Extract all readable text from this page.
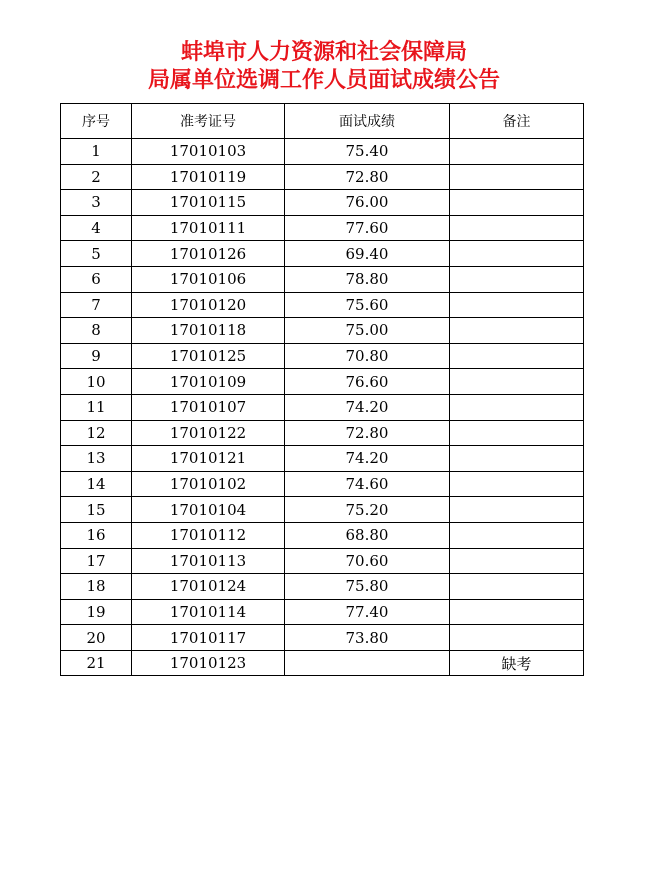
蚌埠市人力资源和社会保障局
局属单位选调工作人员面试成绩公告
序号	准考证号	面试成绩	备注
1	17010103	75.40	
2	17010119	72.80	
3	17010115	76.00	
4	17010111	77.60	
5	17010126	69.40	
6	17010106	78.80	
7	17010120	75.60	
8	17010118	75.00	
9	17010125	70.80	
10	17010109	76.60	
11	17010107	74.20	
12	17010122	72.80	
13	17010121	74.20	
14	17010102	74.60	
15	17010104	75.20	
16	17010112	68.80	
17	17010113	70.60	
18	17010124	75.80	
19	17010114	77.40	
20	17010117	73.80	
21	17010123		缺考
